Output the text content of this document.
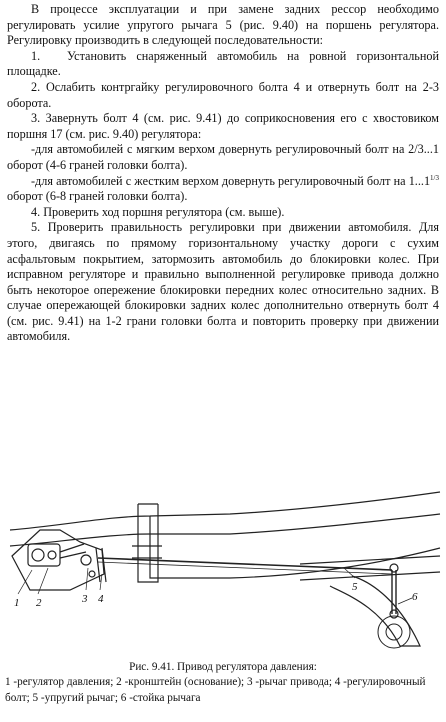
В процессе эксплуатации и при замене задних рессор необходимо регулировать усилие упругого рычага 5 (рис. 9.40) на поршень регулятора. Регулировку производить в следующей последовательности:

1. Установить снаряженный автомобиль на ровной горизонтальной площадке.

2. Ослабить контргайку регулировочного болта 4 и отвернуть болт на 2-3 оборота.

3. Завернуть болт 4 (см. рис. 9.41) до соприкосновения его с хвостовиком поршня 17 (см. рис. 9.40) регулятора:

-для автомобилей с мягким верхом довернуть регулировочный болт на 2/3...1 оборот (4-6 граней головки болта).

-для автомобилей с жестким верхом довернуть регулировочный болт на $1...1^{1/3}$ оборот (6-8 граней головки болта).

4. Проверить ход поршня регулятора (см. выше).

5. Проверить правильность регулировки при движении автомобиля. Для этого, двигаясь по прямому горизонтальному участку дороги с сухим асфальтовым покрытием, затормозить автомобиль до блокировки колес. При исправном регуляторе и правильно выполненной регулировке привода должно быть некоторое опережение блокировки передних колес относительно задних. В случае опережающей блокировки задних колес дополнительно отвернуть болт 4 (см. рис. 9.41) на 1-2 грани головки болта и повторить проверку при движении автомобиля.

1 2	3 4
5
6

Рис. 9.41. Привод регулятора давления:

1 -регулятор давления; 2 -кронштейн (основание); 3 -рычаг привода; 4 -регулировочный болт; 5 -упругий рычаг; 6 -стойка рычага
